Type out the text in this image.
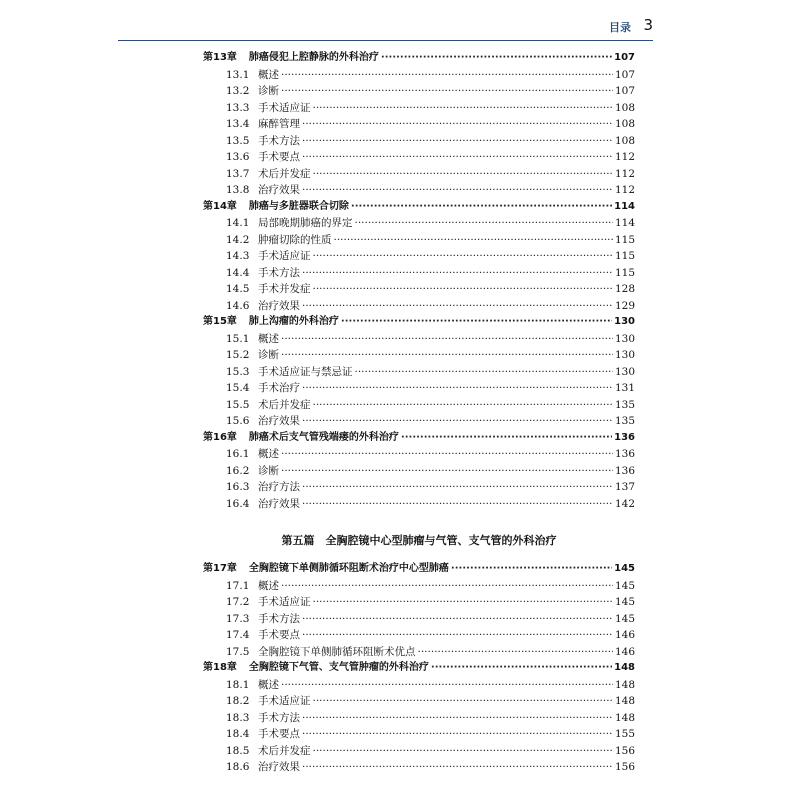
目录 3
第13章 肺癌侵犯上腔静脉的外科治疗 ·····	107
13.1 概述 ·····	107
13.2 诊断 ·····	107
13.3 手术适应证 ·····	108
13.4 麻醉管理 ·····	108
13.5 手术方法 ·····	108
13.6 手术要点 ·····	112
13.7 术后并发症 ·····	112
13.8 治疗效果 ·····	112
第14章 肺癌与多脏器联合切除 ·····	114
14.1 局部晚期肺癌的界定 ·····	114
14.2 肿瘤切除的性质 ·····	115
14.3 手术适应证 ·····	115
14.4 手术方法 ·····	115
14.5 手术并发症 ·····	128
14.6 治疗效果 ·····	129
第15章 肺上沟瘤的外科治疗 ·····	130
15.1 概述 ·····	130
15.2 诊断 ·····	130
15.3 手术适应证与禁忌证 ·····	130
15.4 手术治疗 ·····	131
15.5 术后并发症 ·····	135
15.6 治疗效果 ·····	135
第16章 肺癌术后支气管残端瘘的外科治疗 ·····	136
16.1 概述 ·····	136
16.2 诊断 ·····	136
16.3 治疗方法 ·····	137
16.4 治疗效果 ·····	142
第五篇　全胸腔镜中心型肺瘤与气管、支气管的外科治疗
第17章 全胸腔镜下单侧肺循环阻断术治疗中心型肺癌 ·····	145
17.1 概述 ·····	145
17.2 手术适应证 ·····	145
17.3 手术方法 ·····	145
17.4 手术要点 ·····	146
17.5 全胸腔镜下单侧肺循环阻断术优点 ·····	146
第18章 全胸腔镜下气管、支气管肿瘤的外科治疗 ·····	148
18.1 概述 ·····	148
18.2 手术适应证 ·····	148
18.3 手术方法 ·····	148
18.4 手术要点 ·····	155
18.5 术后并发症 ·····	156
18.6 治疗效果 ·····	156
